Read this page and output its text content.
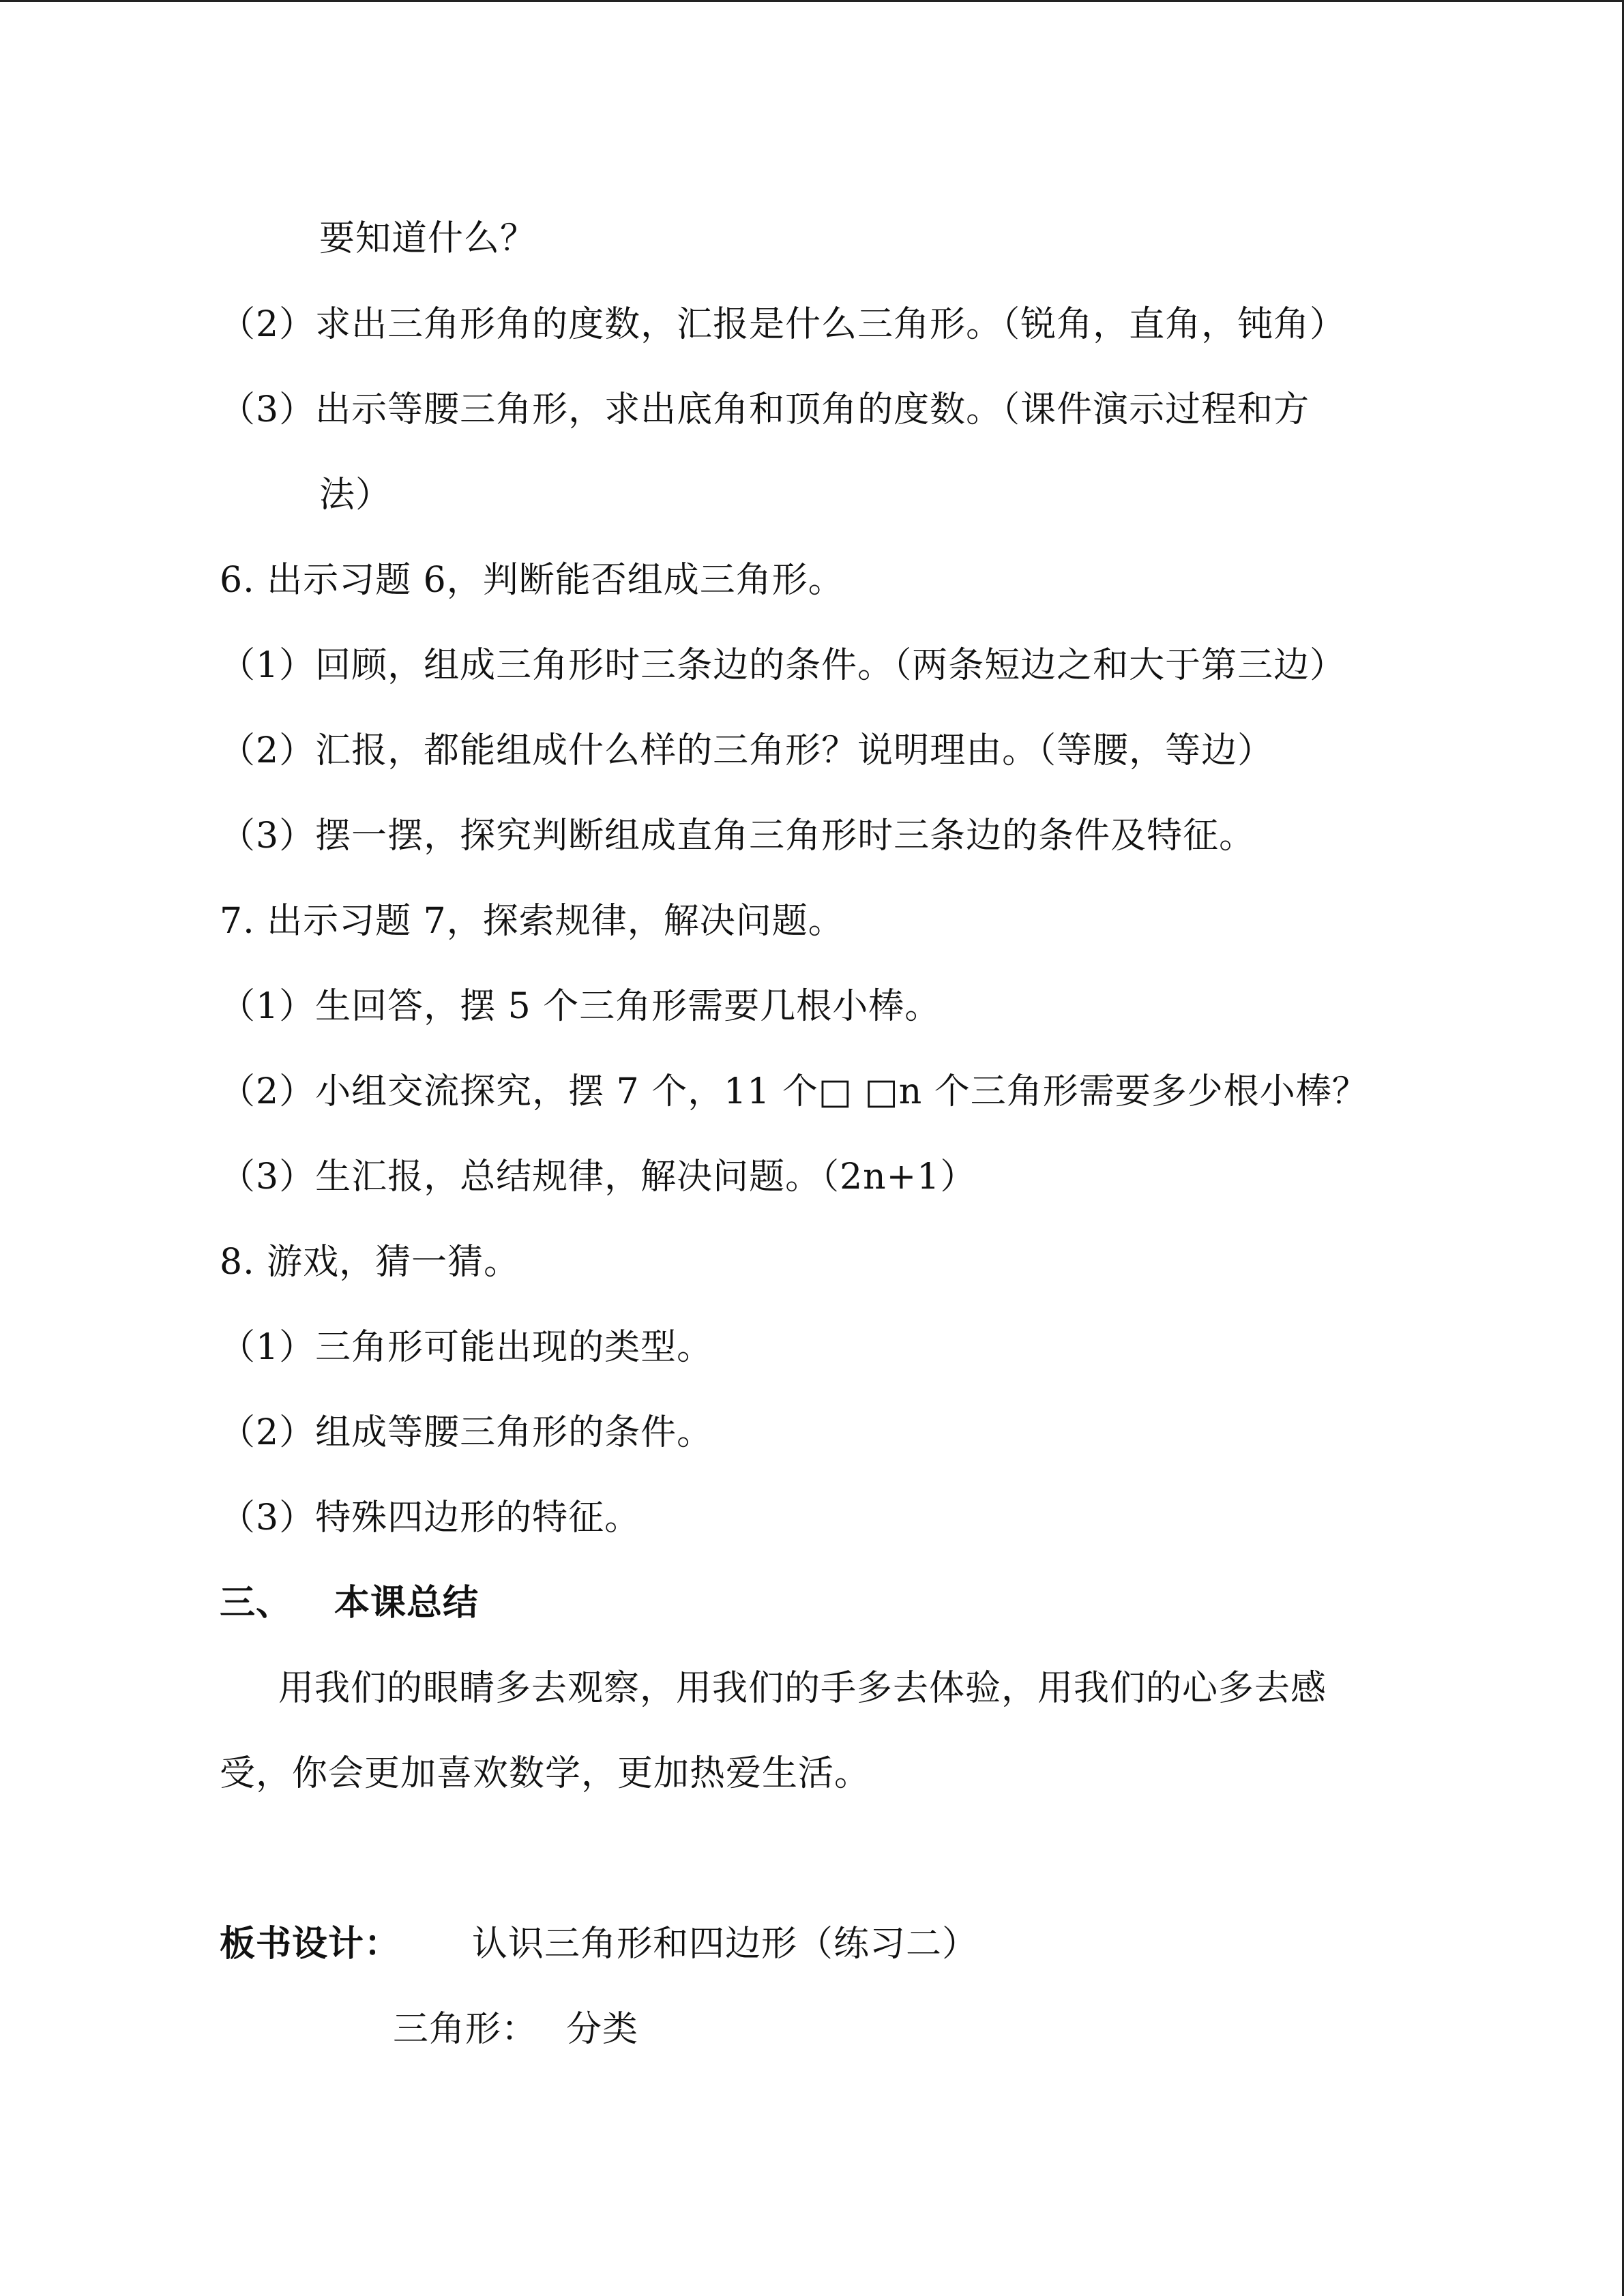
要知道什么？
（2）求出三角形角的度数，汇报是什么三角形。（锐角，直角，钝角）
（3）出示等腰三角形，求出底角和顶角的度数。（课件演示过程和方
法）
6. 出示习题 6，判断能否组成三角形。
（1）回顾，组成三角形时三条边的条件。（两条短边之和大于第三边）
（2）汇报，都能组成什么样的三角形？说明理由。（等腰，等边）
（3）摆一摆，探究判断组成直角三角形时三条边的条件及特征。
7. 出示习题 7，探索规律，解决问题。
（1）生回答，摆 5 个三角形需要几根小棒。
（2）小组交流探究，摆 7 个，11 个□ □n 个三角形需要多少根小棒？
（3）生汇报，总结规律，解决问题。（2n+1）
8. 游戏，猜一猜。
（1）三角形可能出现的类型。
（2）组成等腰三角形的条件。
（3）特殊四边形的特征。
三、 本课总结
用我们的眼睛多去观察，用我们的手多去体验，用我们的心多去感
受，你会更加喜欢数学，更加热爱生活。
板书设计： 认识三角形和四边形（练习二）
三角形： 分类
